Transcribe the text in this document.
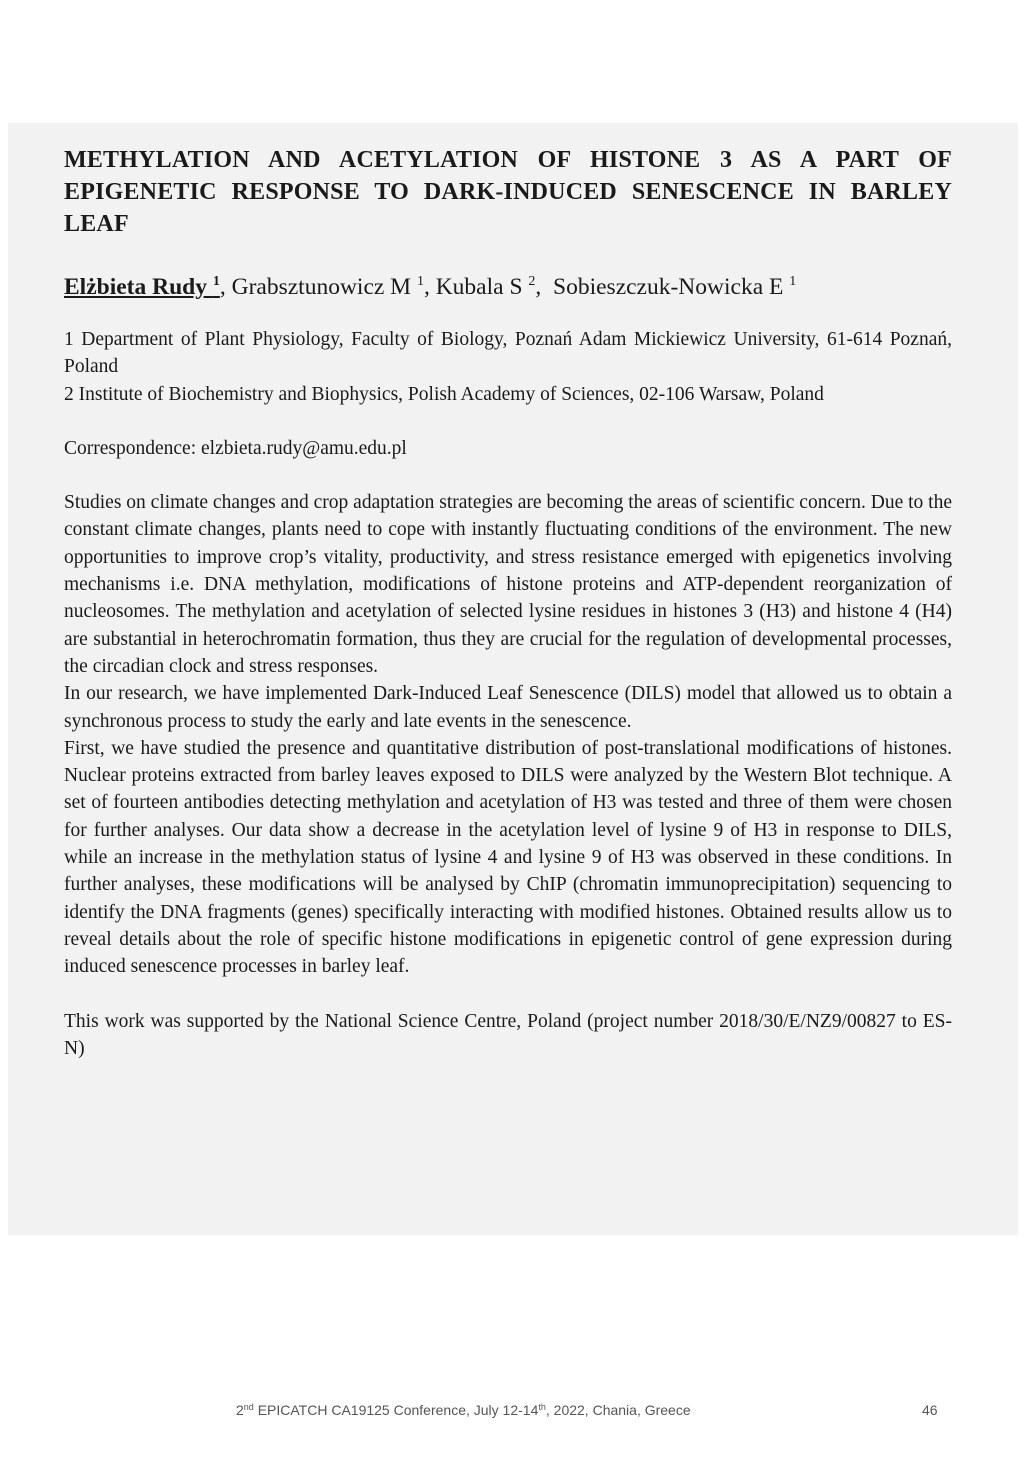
METHYLATION AND ACETYLATION OF HISTONE 3 AS A PART OF EPIGENETIC RESPONSE TO DARK-INDUCED SENESCENCE IN BARLEY LEAF

Elżbieta Rudy $^1$, Grabsztunowicz M $^1$, Kubala S $^2$,  Sobieszczuk-Nowicka E $^1$

1 Department of Plant Physiology, Faculty of Biology, Poznań Adam Mickiewicz University, 61-614 Poznań, Poland
2 Institute of Biochemistry and Biophysics, Polish Academy of Sciences, 02-106 Warsaw, Poland

Correspondence: elzbieta.rudy@amu.edu.pl

Studies on climate changes and crop adaptation strategies are becoming the areas of scientific concern. Due to the constant climate changes, plants need to cope with instantly fluctuating conditions of the environment. The new opportunities to improve crop’s vitality, productivity, and stress resistance emerged with epigenetics involving mechanisms i.e. DNA methylation, modifications of histone proteins and ATP-dependent reorganization of nucleosomes. The methylation and acetylation of selected lysine residues in histones 3 (H3) and histone 4 (H4) are substantial in heterochromatin formation, thus they are crucial for the regulation of developmental processes, the circadian clock and stress responses.

In our research, we have implemented Dark-Induced Leaf Senescence (DILS) model that allowed us to obtain a synchronous process to study the early and late events in the senescence.

First, we have studied the presence and quantitative distribution of post-translational modifications of histones. Nuclear proteins extracted from barley leaves exposed to DILS were analyzed by the Western Blot technique. A set of fourteen antibodies detecting methylation and acetylation of H3 was tested and three of them were chosen for further analyses. Our data show a decrease in the acetylation level of lysine 9 of H3 in response to DILS, while an increase in the methylation status of lysine 4 and lysine 9 of H3 was observed in these conditions. In further analyses, these modifications will be analysed by ChIP (chromatin immunoprecipitation) sequencing to identify the DNA fragments (genes) specifically interacting with modified histones. Obtained results allow us to reveal details about the role of specific histone modifications in epigenetic control of gene expression during induced senescence processes in barley leaf.

This work was supported by the National Science Centre, Poland (project number 2018/30/E/NZ9/00827 to ES-N)

2nd EPICATCH CA19125 Conference, July 12-14th, 2022, Chania, Greece	46
